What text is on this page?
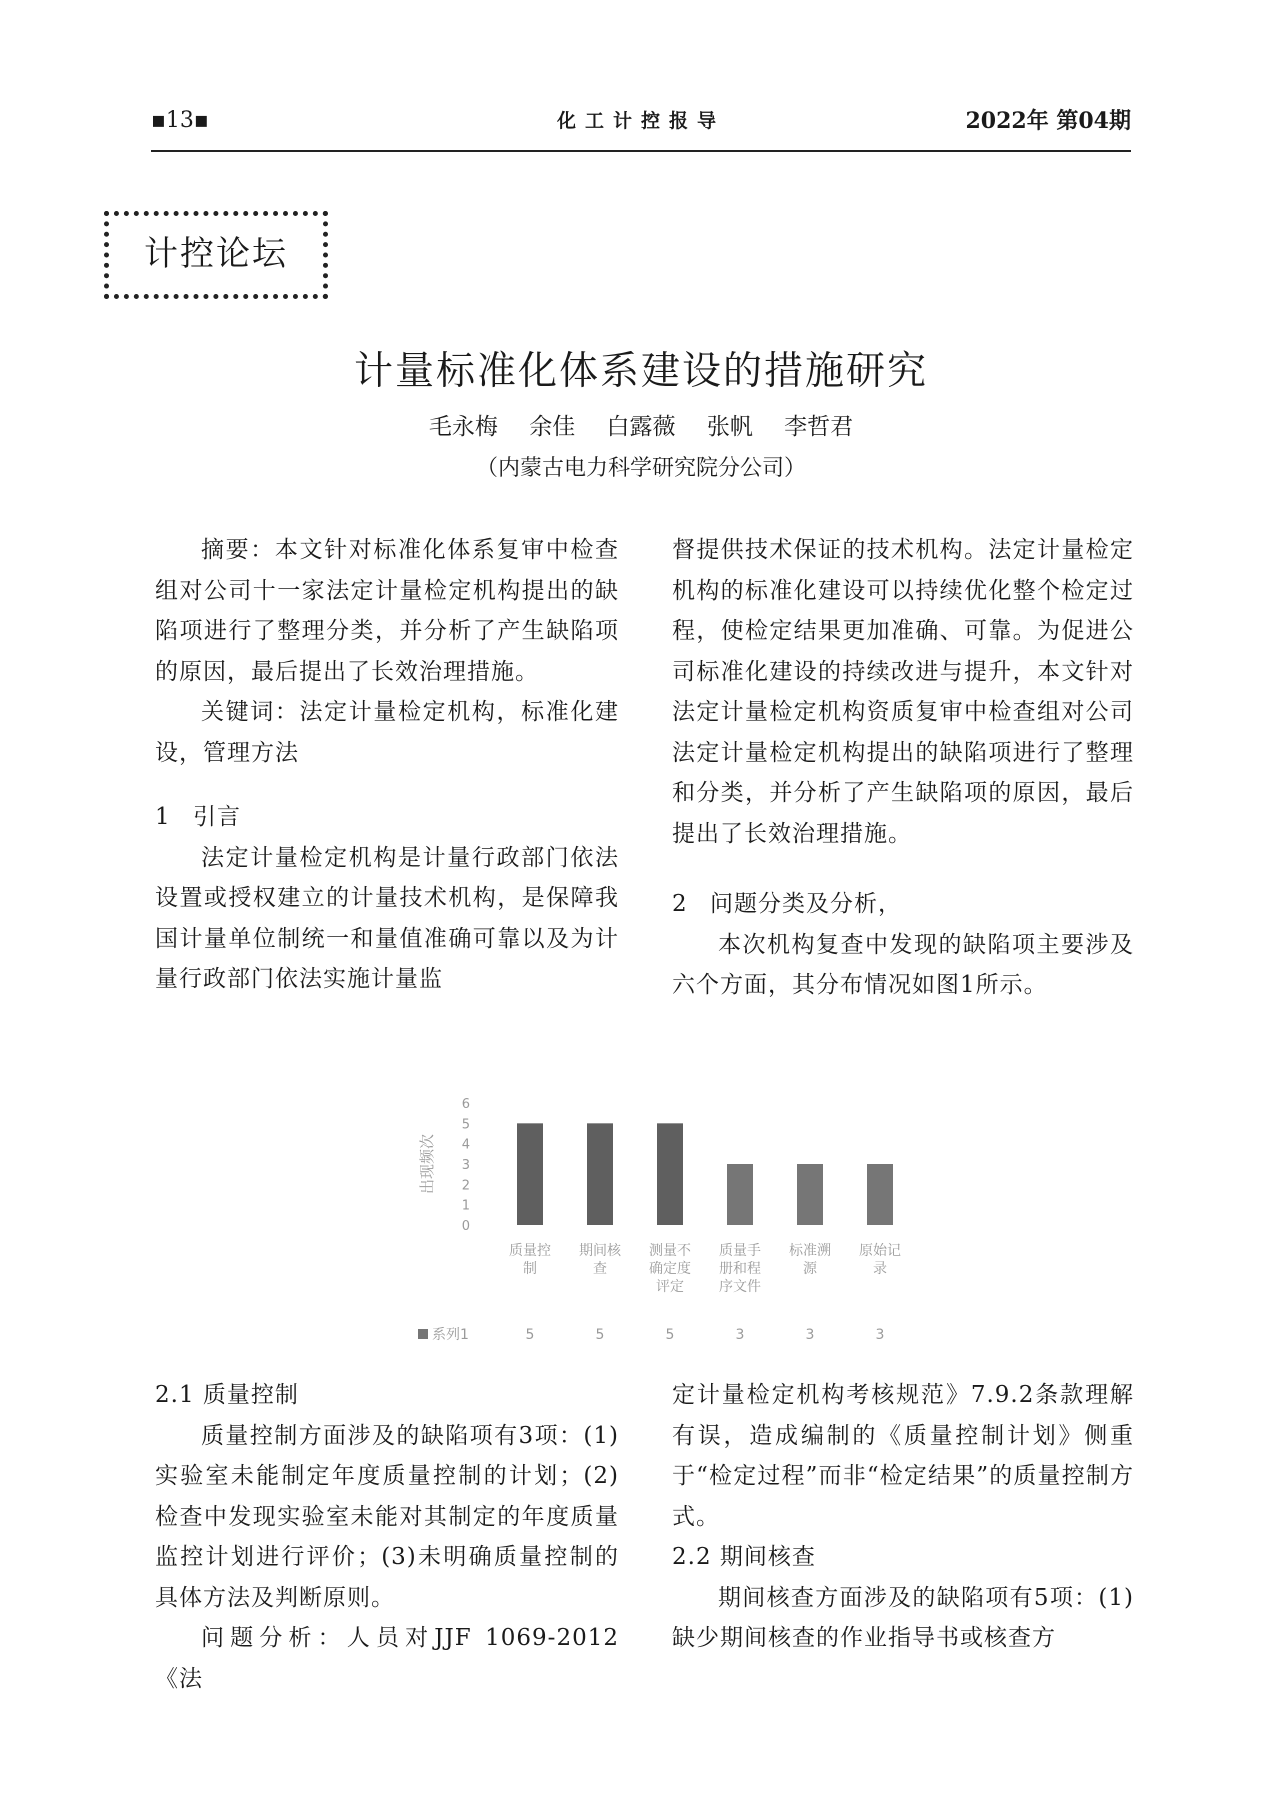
▪13▪	化工计控报导	2022年 第04期
计控论坛
计量标准化体系建设的措施研究
毛永梅 余佳 白露薇 张帆 李哲君
（内蒙古电力科学研究院分公司）

摘要：本文针对标准化体系复审中检查组对公司十一家法定计量检定机构提出的缺陷项进行了整理分类，并分析了产生缺陷项的原因，最后提出了长效治理措施。

关键词：法定计量检定机构，标准化建设，管理方法

1 引言

法定计量检定机构是计量行政部门依法设置或授权建立的计量技术机构，是保障我国计量单位制统一和量值准确可靠以及为计量行政部门依法实施计量监

督提供技术保证的技术机构。法定计量检定机构的标准化建设可以持续优化整个检定过程，使检定结果更加准确、可靠。为促进公司标准化建设的持续改进与提升，本文针对法定计量检定机构资质复审中检查组对公司法定计量检定机构提出的缺陷项进行了整理和分类，并分析了产生缺陷项的原因，最后提出了长效治理措施。

2 问题分类及分析，

本次机构复查中发现的缺陷项主要涉及六个方面，其分布情况如图1所示。

出现频次
0
1
2
3
4
5
6
质量控
制
5
期间核
查
5
测量不
确定度
评定
5
质量手
册和程
序文件
3
标准溯
源
3
原始记
录
3
系列1

2.1 质量控制

质量控制方面涉及的缺陷项有3项：(1)实验室未能制定年度质量控制的计划；(2)检查中发现实验室未能对其制定的年度质量监控计划进行评价；(3)未明确质量控制的具体方法及判断原则。

问题分析：人员对JJF 1069-2012《法

定计量检定机构考核规范》7.9.2条款理解有误，造成编制的《质量控制计划》侧重于“检定过程”而非“检定结果”的质量控制方式。

2.2 期间核查

期间核查方面涉及的缺陷项有5项：(1)缺少期间核查的作业指导书或核查方
